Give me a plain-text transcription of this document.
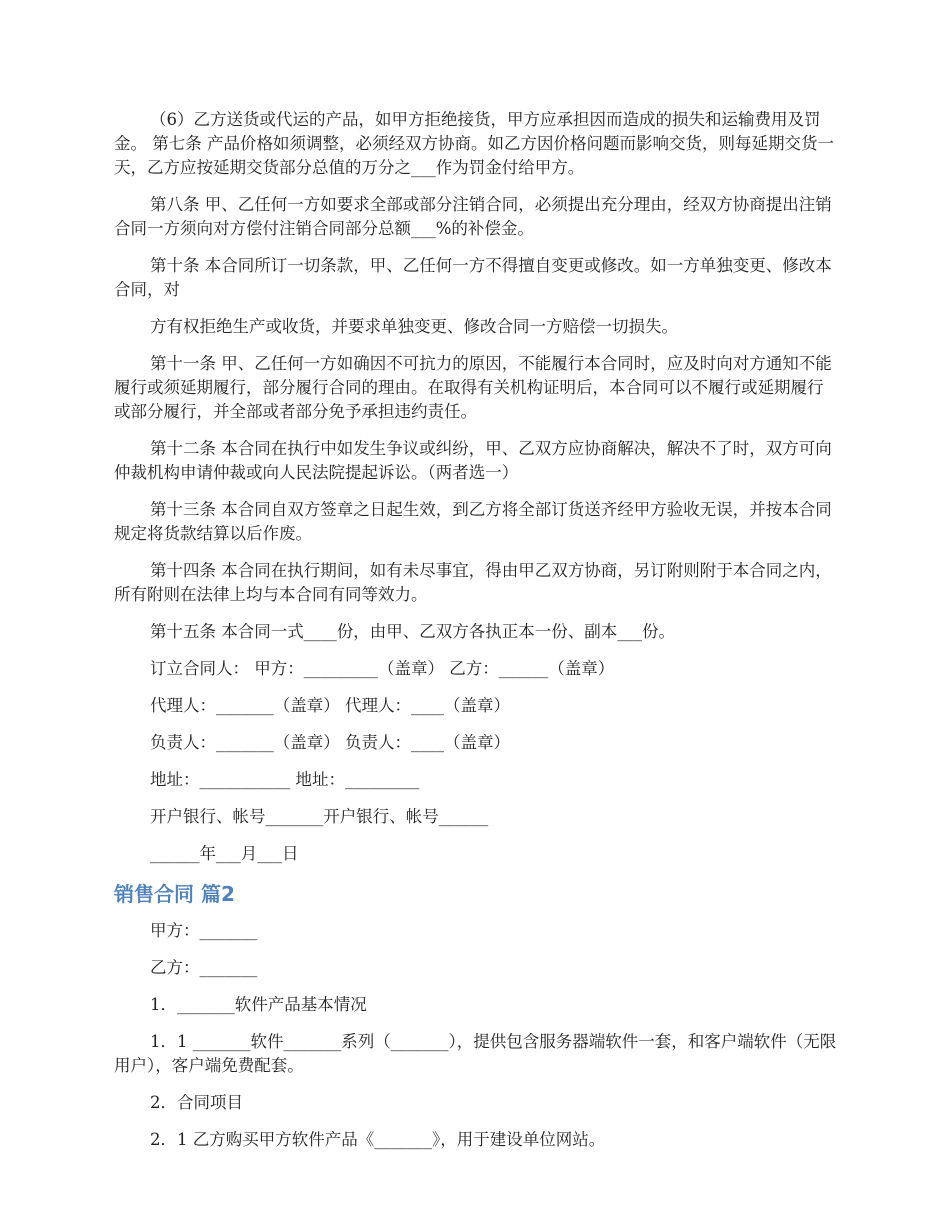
（6）乙方送货或代运的产品，如甲方拒绝接货，甲方应承担因而造成的损失和运输费用及罚金。 第七条 产品价格如须调整，必须经双方协商。如乙方因价格问题而影响交货，则每延期交货一天，乙方应按延期交货部分总值的万分之___作为罚金付给甲方。

第八条 甲、乙任何一方如要求全部或部分注销合同，必须提出充分理由，经双方协商提出注销合同一方须向对方偿付注销合同部分总额___%的补偿金。

第十条 本合同所订一切条款，甲、乙任何一方不得擅自变更或修改。如一方单独变更、修改本合同，对

方有权拒绝生产或收货，并要求单独变更、修改合同一方赔偿一切损失。

第十一条 甲、乙任何一方如确因不可抗力的原因，不能履行本合同时，应及时向对方通知不能履行或须延期履行，部分履行合同的理由。在取得有关机构证明后，本合同可以不履行或延期履行或部分履行，并全部或者部分免予承担违约责任。

第十二条 本合同在执行中如发生争议或纠纷，甲、乙双方应协商解决，解决不了时，双方可向仲裁机构申请仲裁或向人民法院提起诉讼。（两者选一）

第十三条 本合同自双方签章之日起生效，到乙方将全部订货送齐经甲方验收无误，并按本合同规定将货款结算以后作废。

第十四条 本合同在执行期间，如有未尽事宜，得由甲乙双方协商，另订附则附于本合同之内，所有附则在法律上均与本合同有同等效力。

第十五条 本合同一式____份，由甲、乙双方各执正本一份、副本___份。

订立合同人： 甲方：_________（盖章） 乙方：______（盖章）

代理人：_______（盖章） 代理人：____（盖章）

负责人：_______（盖章） 负责人：____（盖章）

地址：___________ 地址：_________

开户银行、帐号_______开户银行、帐号______

______年___月___日

销售合同 篇2

甲方：_______

乙方：_______

1．_______软件产品基本情况

1．1 _______软件_______系列（_______），提供包含服务器端软件一套，和客户端软件（无限用户），客户端免费配套。

2．合同项目

2．1 乙方购买甲方软件产品《_______》，用于建设单位网站。
